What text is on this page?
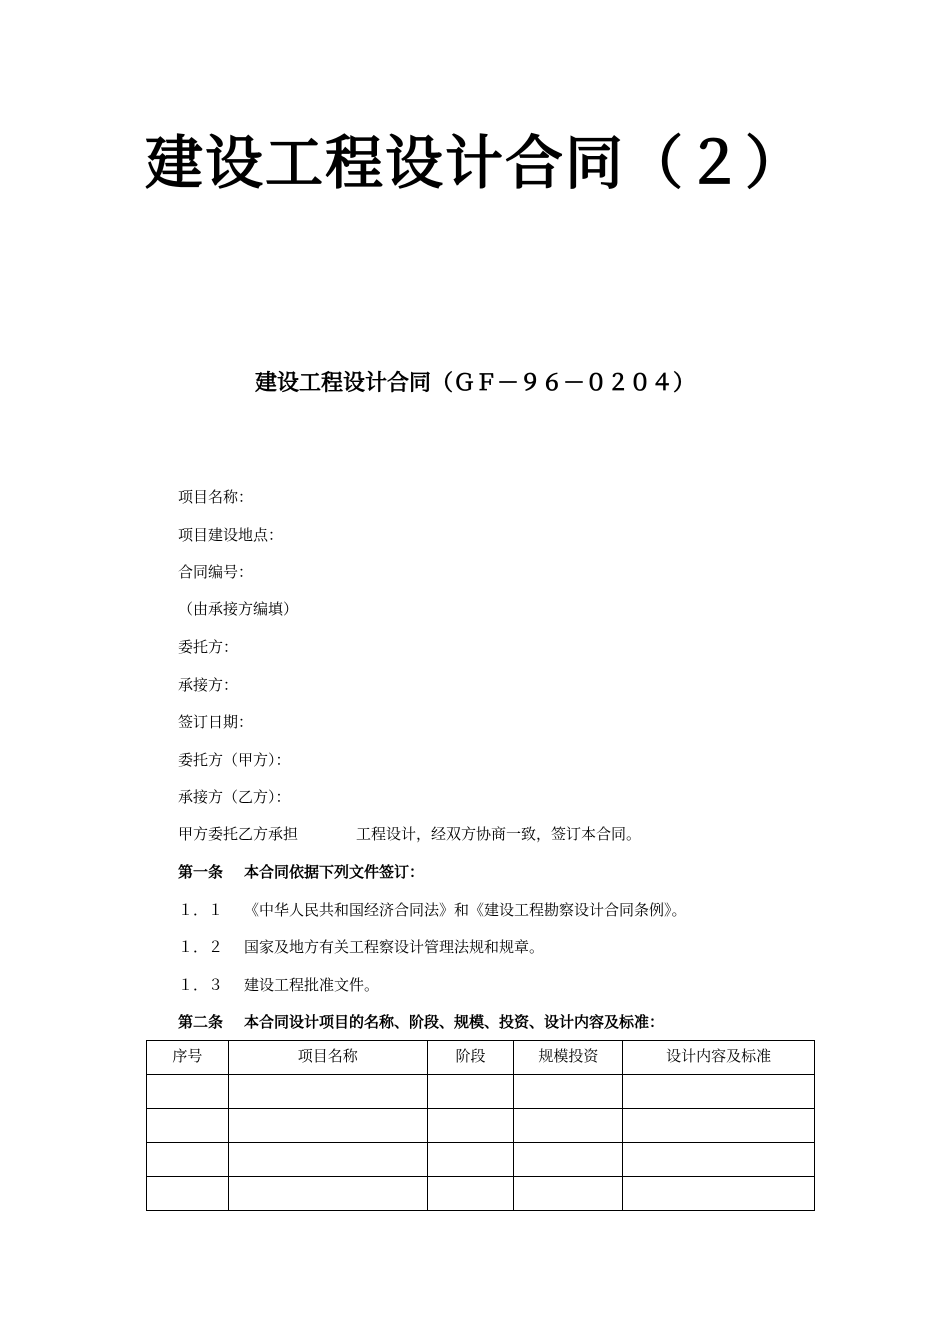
建设工程设计合同（２）
建设工程设计合同（ＧＦ－９６－０２０４）
项目名称：
项目建设地点：
合同编号：
（由承接方编填）
委托方：
承接方：
签订日期：
委托方（甲方）：
承接方（乙方）：
甲方委托乙方承担	工程设计，经双方协商一致，签订本合同。
第一条 本合同依据下列文件签订：
１．１ 《中华人民共和国经济合同法》和《建设工程勘察设计合同条例》。
１．２ 国家及地方有关工程察设计管理法规和规章。
１．３ 建设工程批准文件。
第二条 本合同设计项目的名称、阶段、规模、投资、设计内容及标准：
序号	项目名称	阶段	规模投资	设计内容及标准
